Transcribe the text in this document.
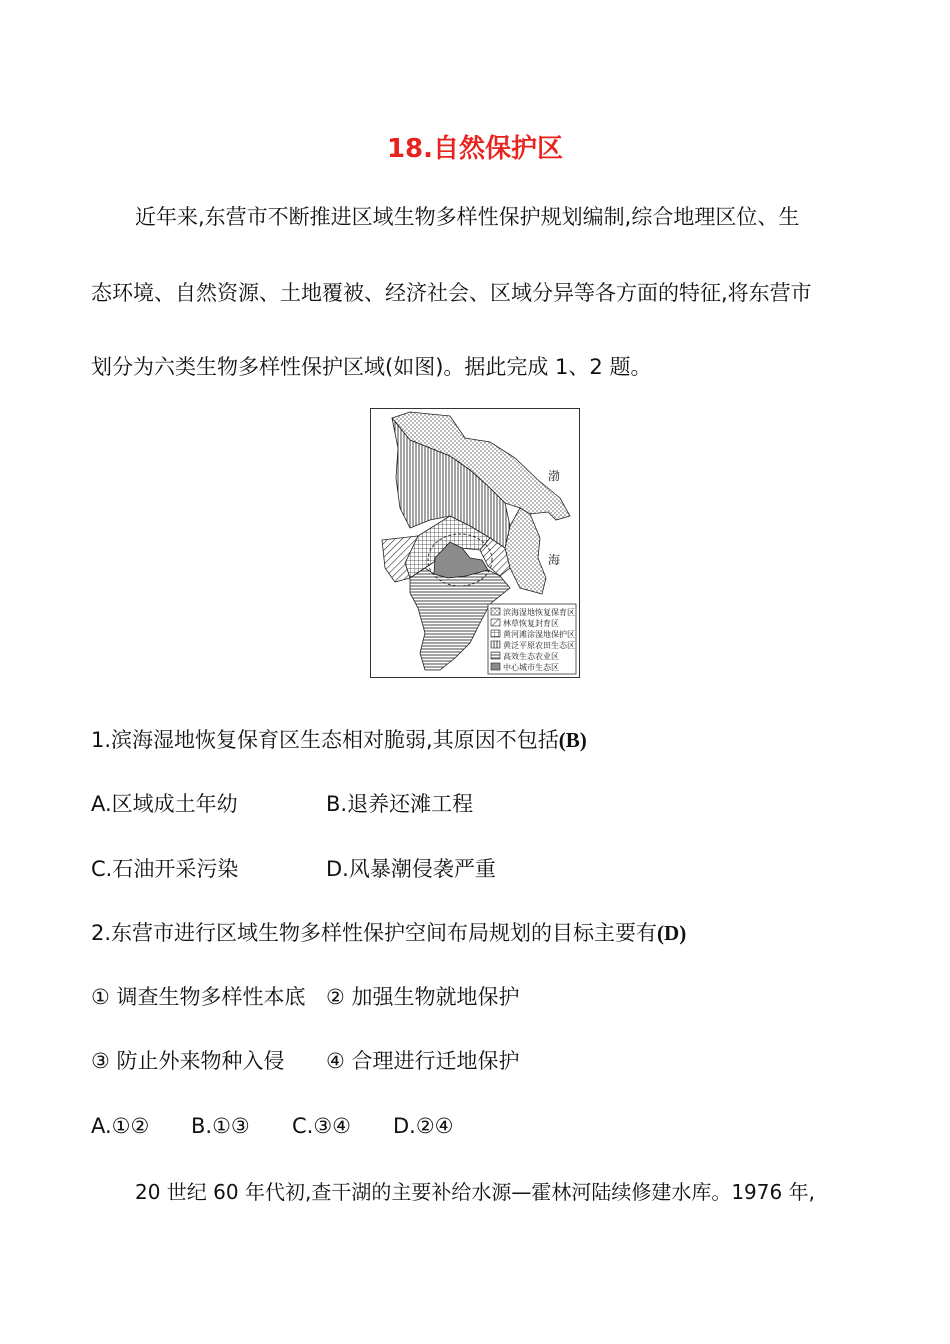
18.自然保护区
近年来,东营市不断推进区域生物多样性保护规划编制,综合地理区位、生
态环境、自然资源、土地覆被、经济社会、区域分异等各方面的特征,将东营市
划分为六类生物多样性保护区域(如图)。据此完成 1、2 题。
渤
海
滨海湿地恢复保育区
林草恢复封育区
黄河滩涂湿地保护区
黄泛平原农田生态区
高效生态农业区
中心城市生态区
1.滨海湿地恢复保育区生态相对脆弱,其原因不包括(B)
A.区域成土年幼	B.退养还滩工程
C.石油开采污染	D.风暴潮侵袭严重
2.东营市进行区域生物多样性保护空间布局规划的目标主要有(D)
① 调查生物多样性本底 ② 加强生物就地保护
③ 防止外来物种入侵 ④ 合理进行迁地保护
A.①② B.①③ C.③④ D.②④
20 世纪 60 年代初,查干湖的主要补给水源—霍林河陆续修建水库。1976 年,
